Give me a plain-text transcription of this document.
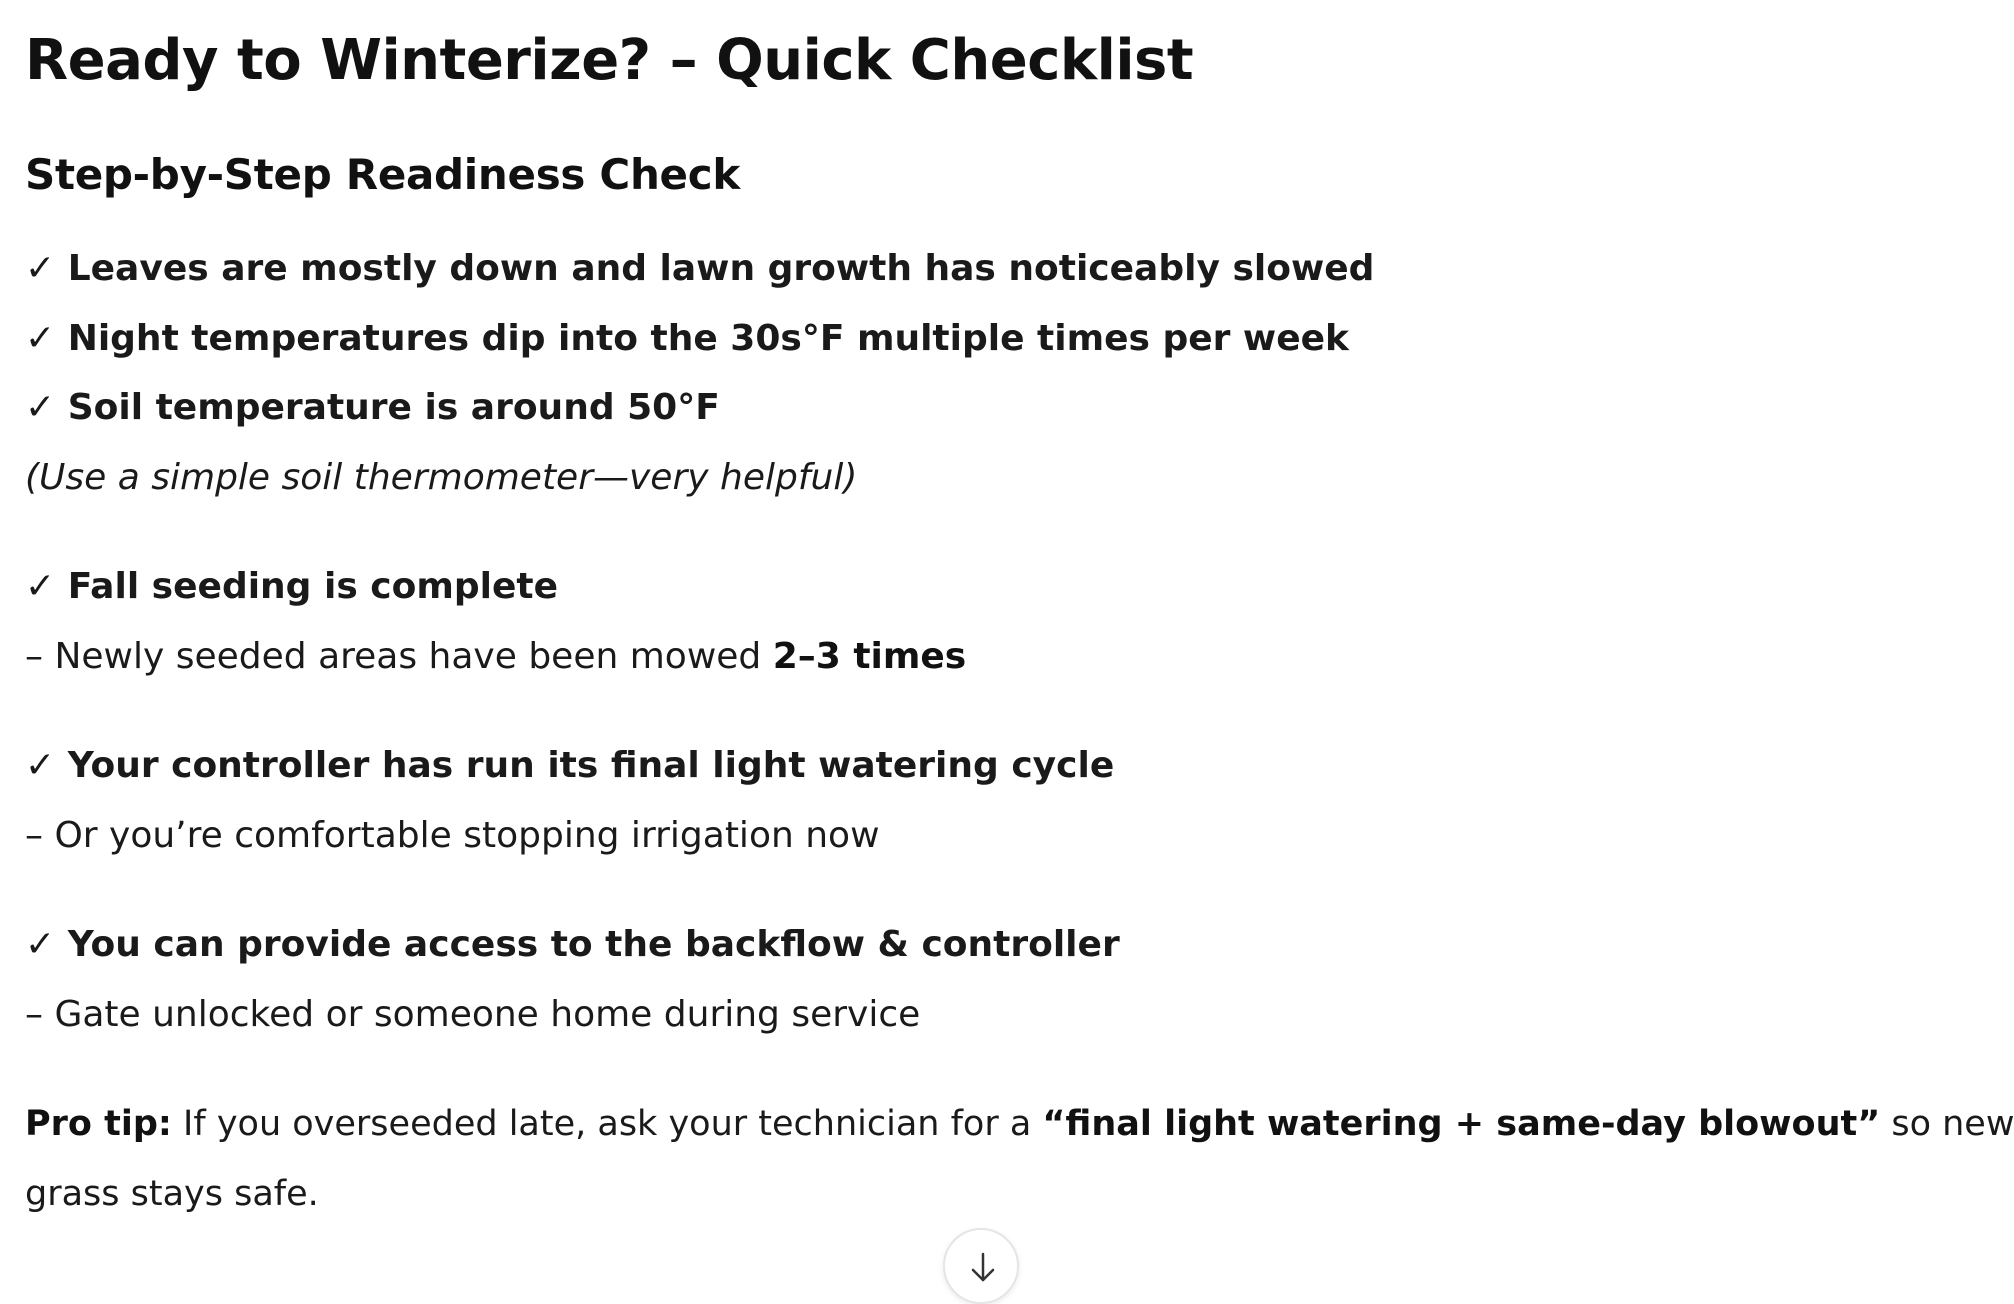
Ready to Winterize? – Quick Checklist
Step-by-Step Readiness Check

✓ Leaves are mostly down and lawn growth has noticeably slowed

✓ Night temperatures dip into the 30s°F multiple times per week

✓ Soil temperature is around 50°F

(Use a simple soil thermometer—very helpful)

✓ Fall seeding is complete

– Newly seeded areas have been mowed 2–3 times

✓ Your controller has run its final light watering cycle

– Or you’re comfortable stopping irrigation now

✓ You can provide access to the backflow & controller

– Gate unlocked or someone home during service

Pro tip: If you overseeded late, ask your technician for a “final light watering + same-day blowout” so new

grass stays safe.
